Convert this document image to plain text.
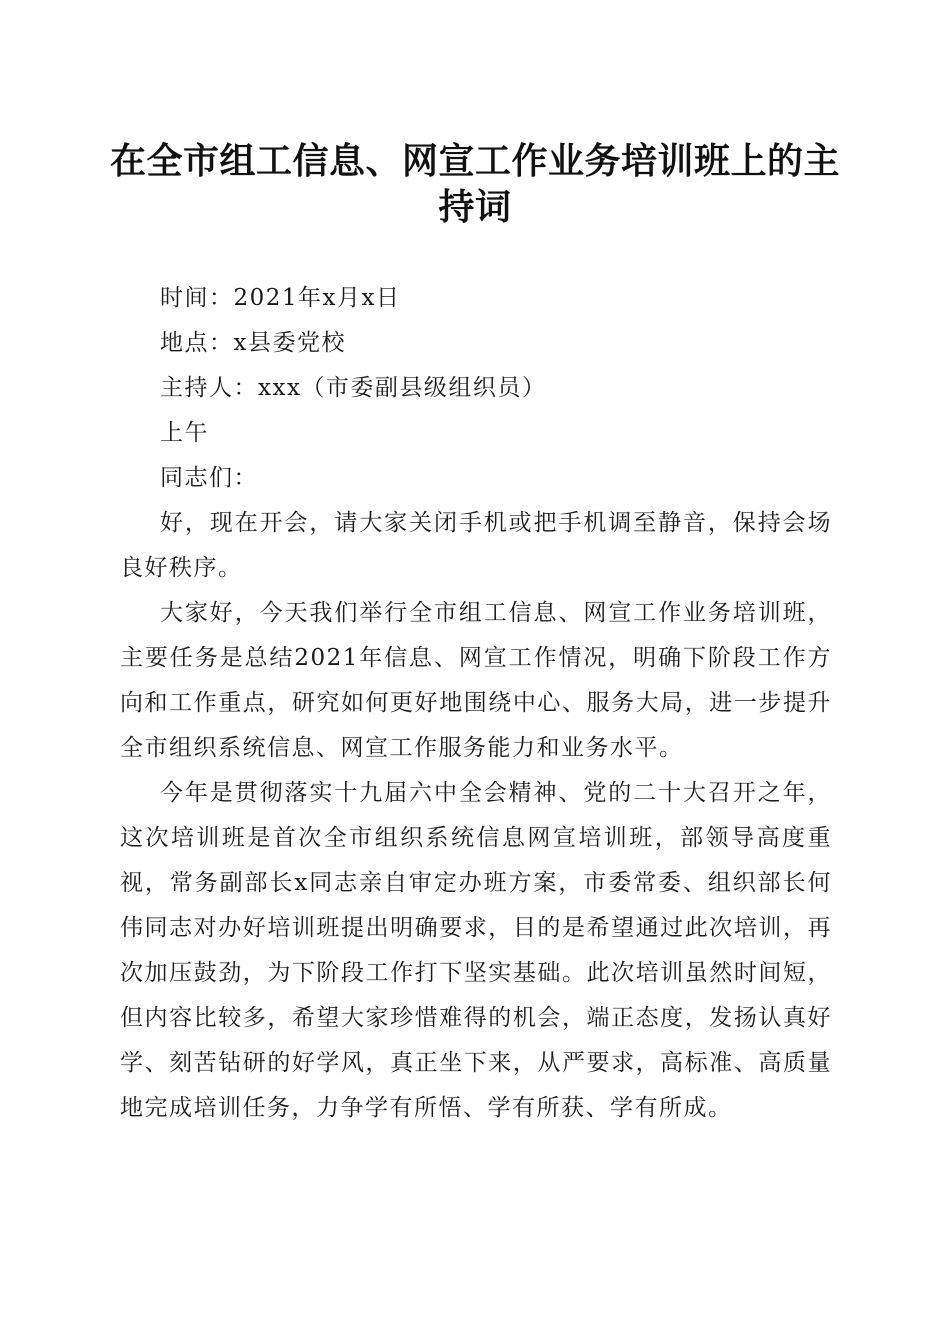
在全市组工信息、网宣工作业务培训班上的主持词

时间：2021年x月x日

地点：x县委党校

主持人：xxx（市委副县级组织员）

上午

同志们：

好，现在开会，请大家关闭手机或把手机调至静音，保持会场良好秩序。

大家好，今天我们举行全市组工信息、网宣工作业务培训班，主要任务是总结2021年信息、网宣工作情况，明确下阶段工作方向和工作重点，研究如何更好地围绕中心、服务大局，进一步提升全市组织系统信息、网宣工作服务能力和业务水平。

今年是贯彻落实十九届六中全会精神、党的二十大召开之年，这次培训班是首次全市组织系统信息网宣培训班，部领导高度重视，常务副部长x同志亲自审定办班方案，市委常委、组织部长何伟同志对办好培训班提出明确要求，目的是希望通过此次培训，再次加压鼓劲，为下阶段工作打下坚实基础。此次培训虽然时间短，但内容比较多，希望大家珍惜难得的机会，端正态度，发扬认真好学、刻苦钻研的好学风，真正坐下来，从严要求，高标准、高质量地完成培训任务，力争学有所悟、学有所获、学有所成。
